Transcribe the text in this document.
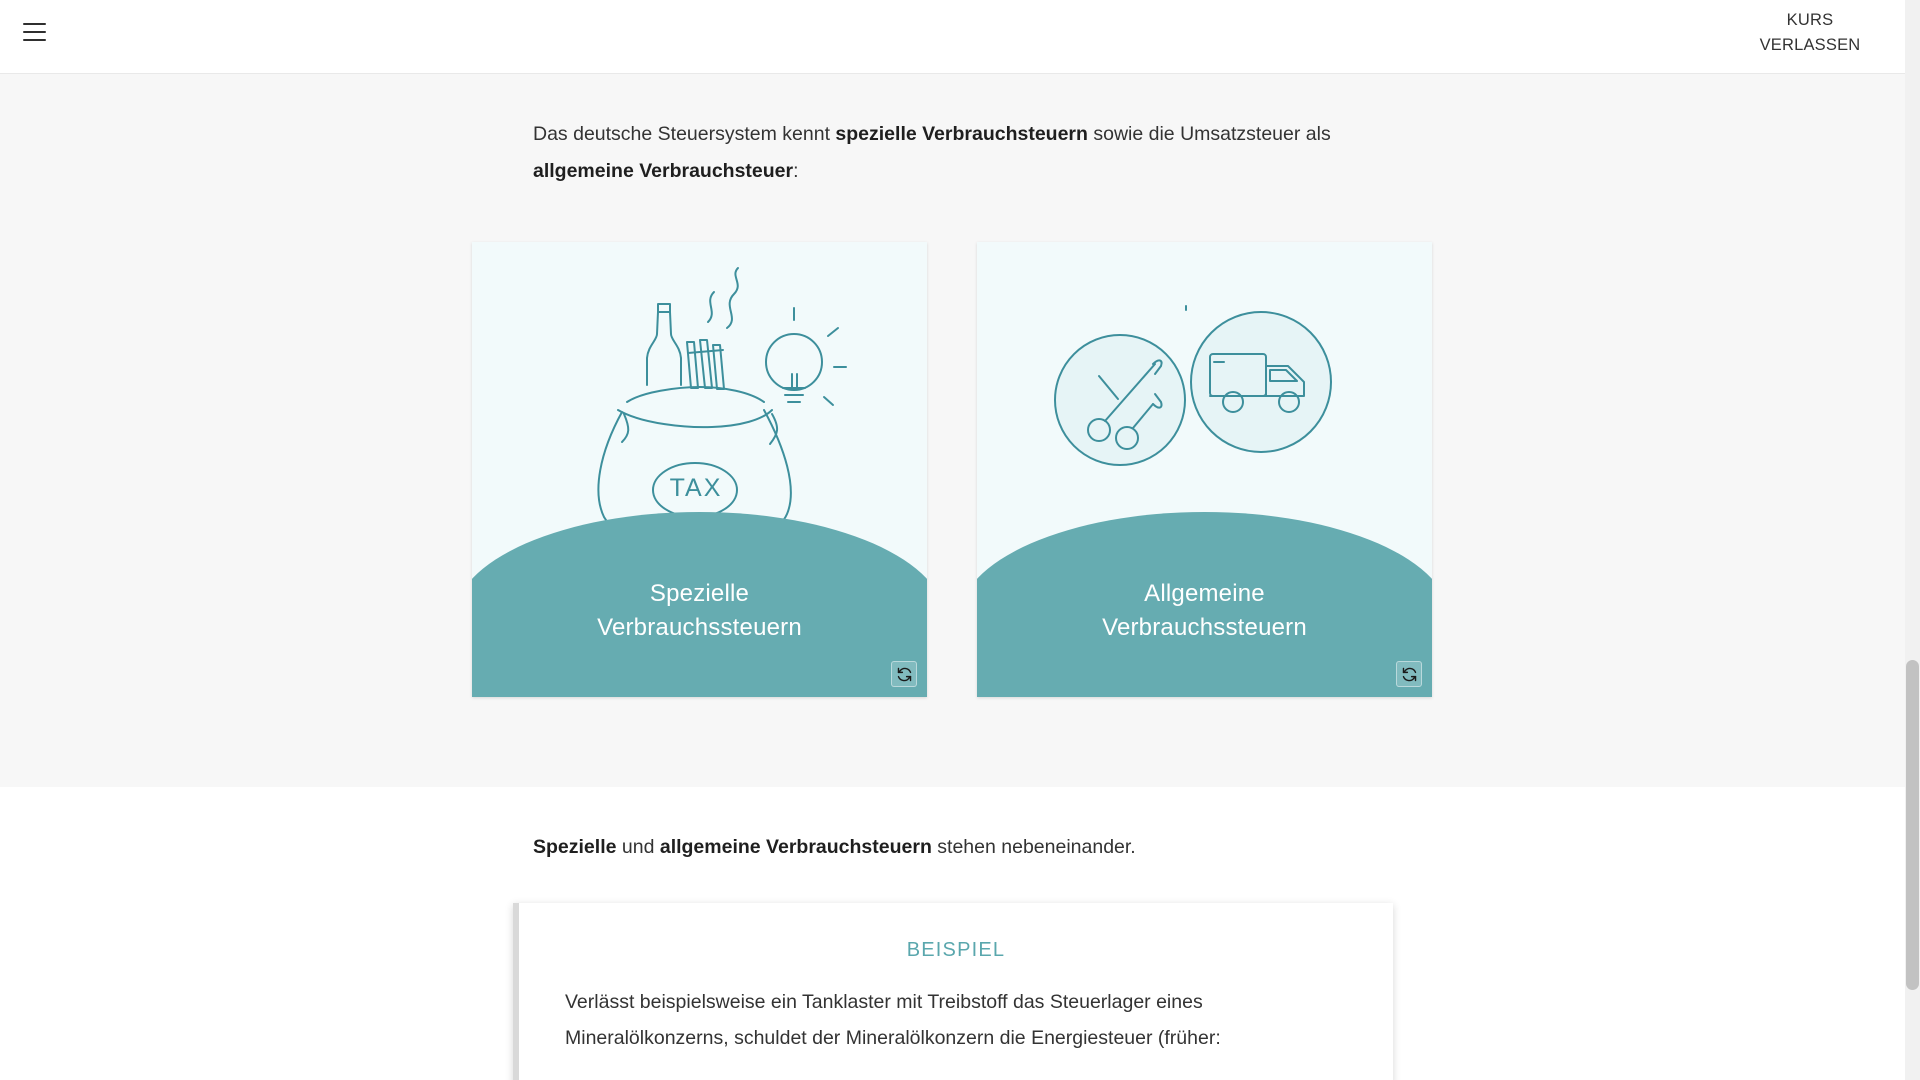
KURS
VERLASSEN

Das deutsche Steuersystem kennt spezielle Verbrauchsteuern sowie die Umsatzsteuer als allgemeine Verbrauchsteuer:

TAX
Spezielle
Verbrauchssteuern
Allgemeine
Verbrauchssteuern

Spezielle und allgemeine Verbrauchsteuern stehen nebeneinander.

BEISPIEL
Verlässt beispielsweise ein Tanklaster mit Treibstoff das Steuerlager eines
Mineralölkonzerns, schuldet der Mineralölkonzern die Energiesteuer (früher:
